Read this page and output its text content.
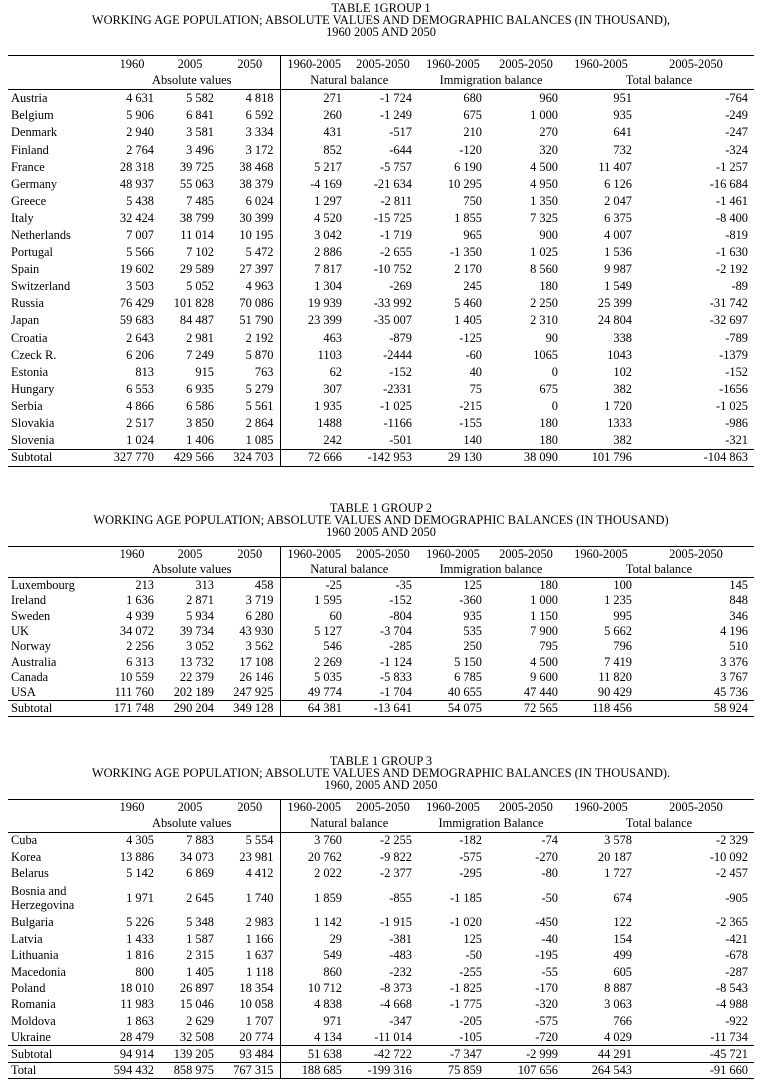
TABLE 1GROUP 1
WORKING AGE POPULATION; ABSOLUTE VALUES AND DEMOGRAPHIC BALANCES (IN THOUSAND),
1960 2005 AND 2050
	1960	2005	2050	1960-2005	2005-2050	1960-2005	2005-2050	1960-2005	2005-2050
	Absolute values			Natural balance		Immigration balance		Total balance	

Austria	4 631	5 582	4 818	271	-1 724	680	960	951	-764
Belgium	5 906	6 841	6 592	260	-1 249	675	1 000	935	-249
Denmark	2 940	3 581	3 334	431	-517	210	270	641	-247
Finland	2 764	3 496	3 172	852	-644	-120	320	732	-324
France	28 318	39 725	38 468	5 217	-5 757	6 190	4 500	11 407	-1 257
Germany	48 937	55 063	38 379	-4 169	-21 634	10 295	4 950	6 126	-16 684
Greece	5 438	7 485	6 024	1 297	-2 811	750	1 350	2 047	-1 461
Italy	32 424	38 799	30 399	4 520	-15 725	1 855	7 325	6 375	-8 400
Netherlands	7 007	11 014	10 195	3 042	-1 719	965	900	4 007	-819
Portugal	5 566	7 102	5 472	2 886	-2 655	-1 350	1 025	1 536	-1 630
Spain	19 602	29 589	27 397	7 817	-10 752	2 170	8 560	9 987	-2 192
Switzerland	3 503	5 052	4 963	1 304	-269	245	180	1 549	-89
Russia	76 429	101 828	70 086	19 939	-33 992	5 460	2 250	25 399	-31 742
Japan	59 683	84 487	51 790	23 399	-35 007	1 405	2 310	24 804	-32 697
Croatia	2 643	2 981	2 192	463	-879	-125	90	338	-789
Czeck R.	6 206	7 249	5 870	1103	-2444	-60	1065	1043	-1379
Estonia	813	915	763	62	-152	40	0	102	-152
Hungary	6 553	6 935	5 279	307	-2331	75	675	382	-1656
Serbia	4 866	6 586	5 561	1 935	-1 025	-215	0	1 720	-1 025
Slovakia	2 517	3 850	2 864	1488	-1166	-155	180	1333	-986
Slovenia	1 024	1 406	1 085	242	-501	140	180	382	-321
Subtotal	327 770	429 566	324 703	72 666	-142 953	29 130	38 090	101 796	-104 863
TABLE 1 GROUP 2
WORKING AGE POPULATION; ABSOLUTE VALUES AND DEMOGRAPHIC BALANCES (IN THOUSAND)
1960 2005 AND 2050
	1960	2005	2050	1960-2005	2005-2050	1960-2005	2005-2050	1960-2005	2005-2050
	Absolute values			Natural balance		Immigration balance		Total balance	

Luxembourg	213	313	458	-25	-35	125	180	100	145
Ireland	1 636	2 871	3 719	1 595	-152	-360	1 000	1 235	848
Sweden	4 939	5 934	6 280	60	-804	935	1 150	995	346
UK	34 072	39 734	43 930	5 127	-3 704	535	7 900	5 662	4 196
Norway	2 256	3 052	3 562	546	-285	250	795	796	510
Australia	6 313	13 732	17 108	2 269	-1 124	5 150	4 500	7 419	3 376
Canada	10 559	22 379	26 146	5 035	-5 833	6 785	9 600	11 820	3 767
USA	111 760	202 189	247 925	49 774	-1 704	40 655	47 440	90 429	45 736
Subtotal	171 748	290 204	349 128	64 381	-13 641	54 075	72 565	118 456	58 924
TABLE 1 GROUP 3
WORKING AGE POPULATION; ABSOLUTE VALUES AND DEMOGRAPHIC BALANCES (IN THOUSAND).
1960, 2005 AND 2050
	1960	2005	2050	1960-2005	2005-2050	1960-2005	2005-2050	1960-2005	2005-2050
	Absolute values			Natural balance		Immigration Balance		Total balance	

Cuba	4 305	7 883	5 554	3 760	-2 255	-182	-74	3 578	-2 329
Korea	13 886	34 073	23 981	20 762	-9 822	-575	-270	20 187	-10 092
Belarus	5 142	6 869	4 412	2 022	-2 377	-295	-80	1 727	-2 457
Bosnia and Herzegovina	1 971	2 645	1 740	1 859	-855	-1 185	-50	674	-905
Bulgaria	5 226	5 348	2 983	1 142	-1 915	-1 020	-450	122	-2 365
Latvia	1 433	1 587	1 166	29	-381	125	-40	154	-421
Lithuania	1 816	2 315	1 637	549	-483	-50	-195	499	-678
Macedonia	800	1 405	1 118	860	-232	-255	-55	605	-287
Poland	18 010	26 897	18 354	10 712	-8 373	-1 825	-170	8 887	-8 543
Romania	11 983	15 046	10 058	4 838	-4 668	-1 775	-320	3 063	-4 988
Moldova	1 863	2 629	1 707	971	-347	-205	-575	766	-922
Ukraine	28 479	32 508	20 774	4 134	-11 014	-105	-720	4 029	-11 734
Subtotal	94 914	139 205	93 484	51 638	-42 722	-7 347	-2 999	44 291	-45 721
Total	594 432	858 975	767 315	188 685	-199 316	75 859	107 656	264 543	-91 660
